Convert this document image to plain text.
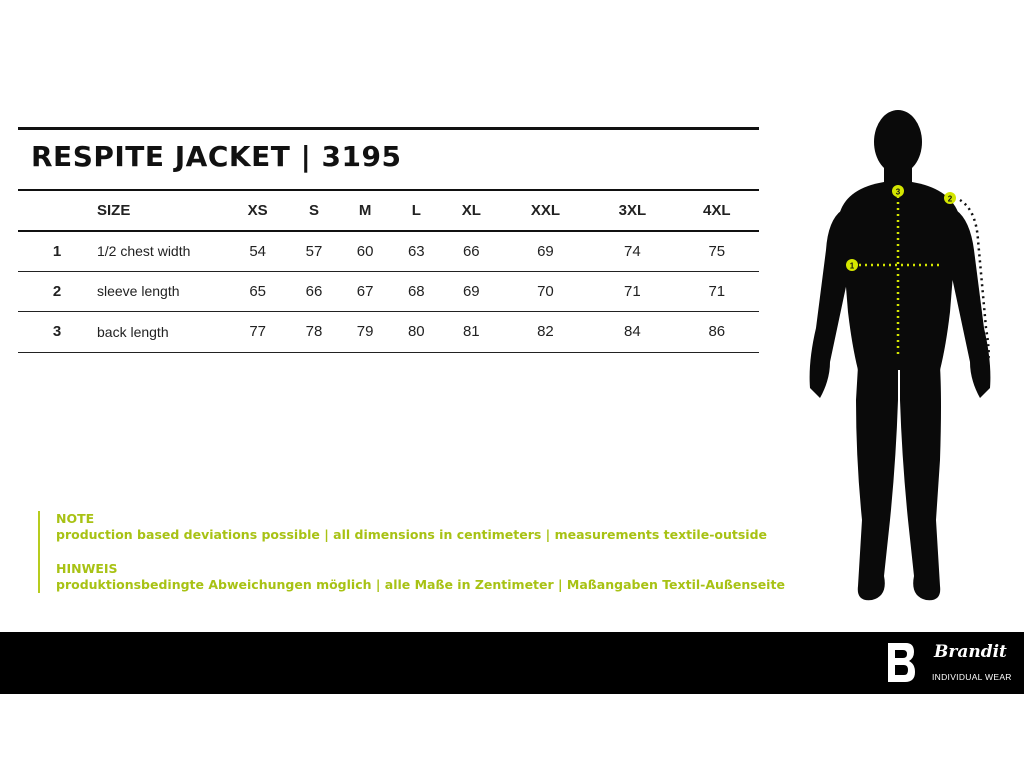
RESPITE JACKET | 3195
	SIZE	XS	S	M	L	XL	XXL	3XL	4XL
1	1/2 chest width	54	57	60	63	66	69	74	75
2	sleeve length	65	66	67	68	69	70	71	71
3	back length	77	78	79	80	81	82	84	86
NOTE
production based deviations possible | all dimensions in centimeters | measurements textile-outside
HINWEIS
produktionsbedingte Abweichungen möglich | alle Maße in Zentimeter | Maßangaben Textil-Außenseite
1
2
3
Brandit
INDIVIDUAL WEAR
